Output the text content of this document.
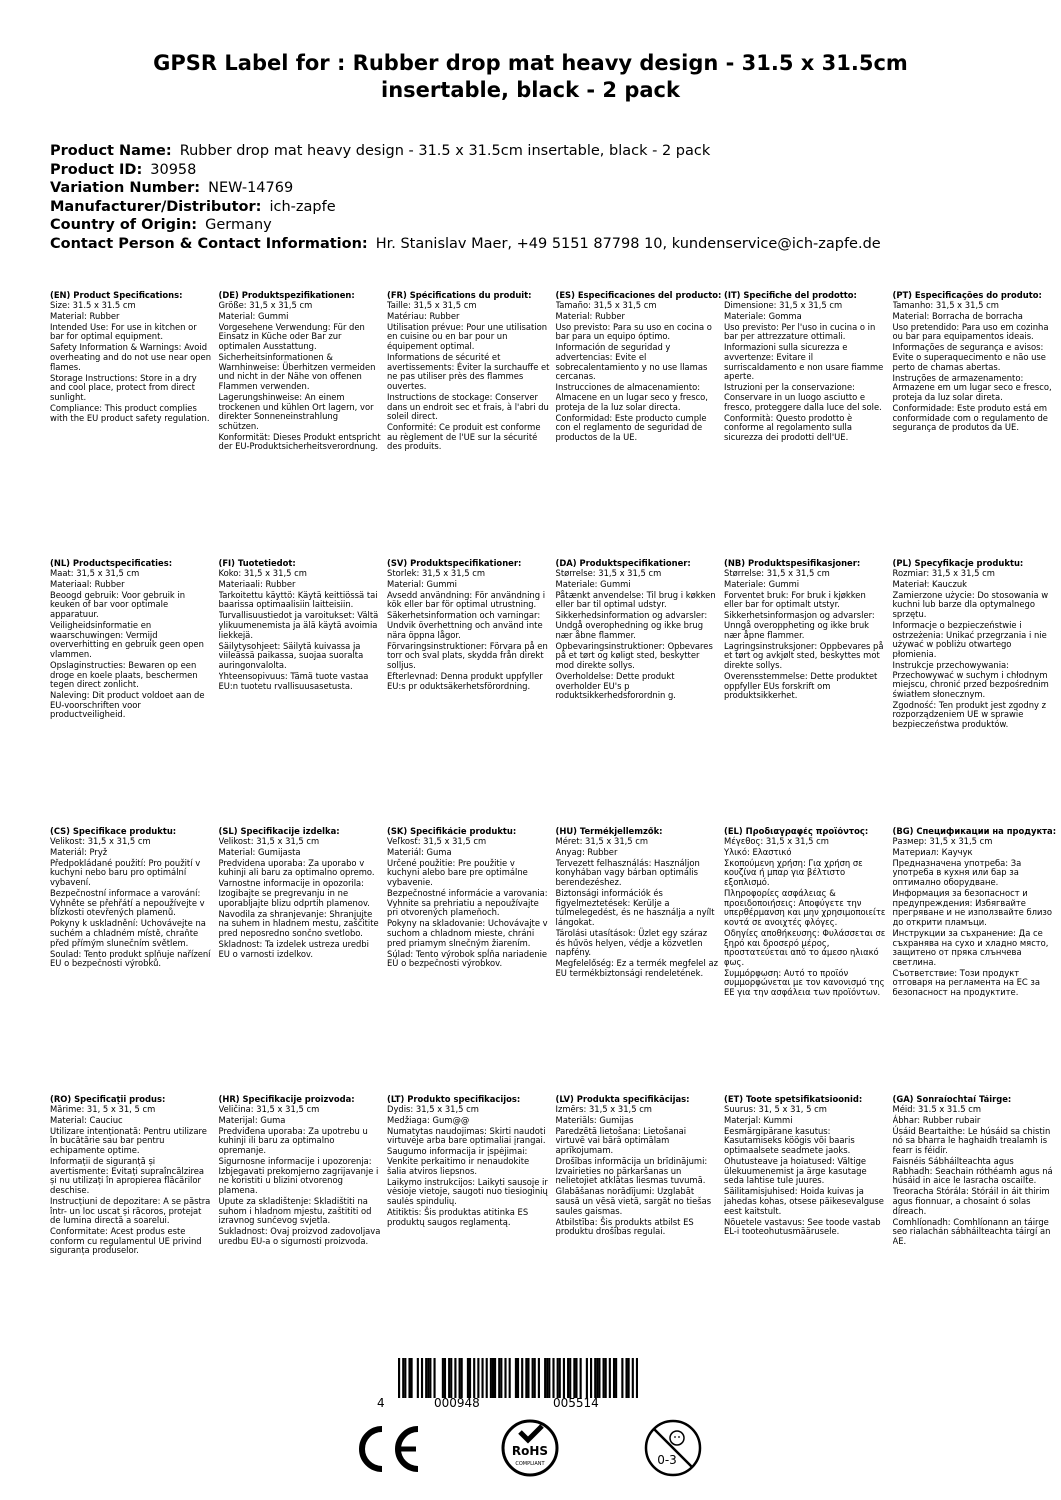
GPSR Label for : Rubber drop mat heavy design - 31.5 x 31.5cm
insertable, black - 2 pack
Product Name: Rubber drop mat heavy design - 31.5 x 31.5cm insertable, black - 2 pack
Product ID: 30958
Variation Number: NEW-14769
Manufacturer/Distributor: ich-zapfe
Country of Origin: Germany
Contact Person & Contact Information: Hr. Stanislav Maer, +49 5151 87798 10, kundenservice@ich-zapfe.de
(EN) Product Specifications:
Size: 31.5 x 31.5 cm
Material: Rubber
Intended Use: For use in kitchen or bar for optimal equipment.
Safety Information & Warnings: Avoid overheating and do not use near open flames.
Storage Instructions: Store in a dry and cool place, protect from direct sunlight.
Compliance: This product complies with the EU product safety regulation.
(DE) Produktspezifikationen:
Größe: 31,5 x 31,5 cm
Material: Gummi
Vorgesehene Verwendung: Für den Einsatz in Küche oder Bar zur optimalen Ausstattung.
Sicherheitsinformationen & Warnhinweise: Überhitzen vermeiden und nicht in der Nähe von offenen Flammen verwenden.
Lagerungshinweise: An einem trockenen und kühlen Ort lagern, vor direkter Sonneneinstrahlung schützen.
Konformität: Dieses Produkt entspricht der EU-Produktsicherheitsverordnung.
(FR) Spécifications du produit:
Taille: 31,5 x 31,5 cm
Matériau: Rubber
Utilisation prévue: Pour une utilisation en cuisine ou en bar pour un équipement optimal.
Informations de sécurité et avertissements: Éviter la surchauffe et ne pas utiliser près des flammes ouvertes.
Instructions de stockage: Conserver dans un endroit sec et frais, à l'abri du soleil direct.
Conformité: Ce produit est conforme au règlement de l'UE sur la sécurité des produits.
(ES) Especificaciones del producto:
Tamaño: 31,5 x 31,5 cm
Material: Rubber
Uso previsto: Para su uso en cocina o bar para un equipo óptimo.
Información de seguridad y advertencias: Evite el sobrecalentamiento y no use llamas cercanas.
Instrucciones de almacenamiento: Almacene en un lugar seco y fresco, proteja de la luz solar directa.
Conformidad: Este producto cumple con el reglamento de seguridad de productos de la UE.
(IT) Specifiche del prodotto:
Dimensione: 31,5 x 31,5 cm
Materiale: Gomma
Uso previsto: Per l'uso in cucina o in bar per attrezzature ottimali.
Informazioni sulla sicurezza e avvertenze: Evitare il surriscaldamento e non usare fiamme aperte.
Istruzioni per la conservazione: Conservare in un luogo asciutto e fresco, proteggere dalla luce del sole.
Conformità: Questo prodotto è conforme al regolamento sulla sicurezza dei prodotti dell'UE.
(PT) Especificações do produto:
Tamanho: 31,5 x 31,5 cm
Material: Borracha de borracha
Uso pretendido: Para uso em cozinha ou bar para equipamentos ideais.
Informações de segurança e avisos: Evite o superaquecimento e não use perto de chamas abertas.
Instruções de armazenamento: Armazene em um lugar seco e fresco, proteja da luz solar direta.
Conformidade: Este produto está em conformidade com o regulamento de segurança de produtos da UE.
(NL) Productspecificaties:
Maat: 31,5 x 31,5 cm
Materiaal: Rubber
Beoogd gebruik: Voor gebruik in keuken of bar voor optimale apparatuur.
Veiligheidsinformatie en waarschuwingen: Vermijd oververhitting en gebruik geen open vlammen.
Opslaginstructies: Bewaren op een droge en koele plaats, beschermen tegen direct zonlicht.
Naleving: Dit product voldoet aan de EU-voorschriften voor productveiligheid.
(FI) Tuotetiedot:
Koko: 31,5 x 31,5 cm
Materiaali: Rubber
Tarkoitettu käyttö: Käytä keittiössä tai baarissa optimaalisiin laitteisiin.
Turvallisuustiedot ja varoitukset: Vältä ylikuumenemista ja älä käytä avoimia liekkejä.
Säilytysohjeet: Säilytä kuivassa ja viileässä paikassa, suojaa suoralta auringonvalolta.
Yhteensopivuus: Tämä tuote vastaa EU:n tuotetu rvallisuusasetusta.
(SV) Produktspecifikationer:
Storlek: 31,5 x 31,5 cm
Material: Gummi
Avsedd användning: För användning i kök eller bar för optimal utrustning.
Säkerhetsinformation och varningar: Undvik överhettning och använd inte nära öppna lågor.
Förvaringsinstruktioner: Förvara på en torr och sval plats, skydda från direkt solljus.
Efterlevnad: Denna produkt uppfyller EU:s pr oduktsäkerhetsförordning.
(DA) Produktspecifikationer:
Størrelse: 31,5 x 31,5 cm
Materiale: Gummi
Påtænkt anvendelse: Til brug i køkken eller bar til optimal udstyr.
Sikkerhedsinformation og advarsler: Undgå overophedning og ikke brug nær åbne flammer.
Opbevaringsinstruktioner: Opbevares på et tørt og køligt sted, beskytter mod direkte sollys.
Overholdelse: Dette produkt overholder EU's p roduktsikkerhedsforordnin g.
(NB) Produktspesifikasjoner:
Størrelse: 31,5 x 31,5 cm
Materiale: Gummi
Forventet bruk: For bruk i kjøkken eller bar for optimalt utstyr.
Sikkerhetsinformasjon og advarsler: Unngå overoppheting og ikke bruk nær åpne flammer.
Lagringsinstruksjoner: Oppbevares på et tørt og avkjølt sted, beskyttes mot direkte sollys.
Overensstemmelse: Dette produktet oppfyller EUs forskrift om produktsikkerhet.
(PL) Specyfikacje produktu:
Rozmiar: 31,5 x 31,5 cm
Materiał: Kauczuk
Zamierzone użycie: Do stosowania w kuchni lub barze dla optymalnego sprzętu.
Informacje o bezpieczeństwie i ostrzeżenia: Unikać przegrzania i nie używać w pobliżu otwartego płomienia.
Instrukcje przechowywania: Przechowywać w suchym i chłodnym miejscu, chronić przed bezpośrednim światłem słonecznym.
Zgodność: Ten produkt jest zgodny z rozporządzeniem UE w sprawie bezpieczeństwa produktów.
(CS) Specifikace produktu:
Velikost: 31,5 x 31,5 cm
Materiál: Pryž
Předpokládané použití: Pro použití v kuchyni nebo baru pro optimální vybavení.
Bezpečnostní informace a varování: Vyhněte se přehřátí a nepoužívejte v blízkosti otevřených plamenů.
Pokyny k uskladnění: Uchovávejte na suchém a chladném místě, chraňte před přímým slunečním světlem.
Soulad: Tento produkt splňuje nařízení EU o bezpečnosti výrobků.
(SL) Specifikacije izdelka:
Velikost: 31,5 x 31,5 cm
Material: Gumijasta
Predvidena uporaba: Za uporabo v kuhinji ali baru za optimalno opremo.
Varnostne informacije in opozorila: Izogibajte se pregrevanju in ne uporabljajte blizu odprtih plamenov.
Navodila za shranjevanje: Shranjujte na suhem in hladnem mestu, zaščitite pred neposredno sončno svetlobo.
Skladnost: Ta izdelek ustreza uredbi EU o varnosti izdelkov.
(SK) Špecifikácie produktu:
Veľkosť: 31,5 x 31,5 cm
Materiál: Guma
Určené použitie: Pre použitie v kuchyni alebo bare pre optimálne vybavenie.
Bezpečnostné informácie a varovania: Vyhnite sa prehriatiu a nepoužívajte pri otvorených plameňoch.
Pokyny na skladovanie: Uchovávajte v suchom a chladnom mieste, chráni pred priamym slnečným žiarením.
Súlad: Tento výrobok spĺňa nariadenie EÚ o bezpečnosti výrobkov.
(HU) Termékjellemzők:
Méret: 31,5 x 31,5 cm
Anyag: Rubber
Tervezett felhasználás: Használjon konyhában vagy bárban optimális berendezéshez.
Biztonsági információk és figyelmeztetések: Kerülje a túlmelegedést, és ne használja a nyílt lángokat.
Tárolási utasítások: Üzlet egy száraz és hűvös helyen, védje a közvetlen napfény.
Megfelelőség: Ez a termék megfelel az EU termékbiztonsági rendeletének.
(EL) Προδιαγραφές προϊόντος:
Μέγεθος: 31,5 x 31,5 cm
Υλικό: Ελαστικό
Σκοπούμενη χρήση: Για χρήση σε κουζίνα ή μπαρ για βέλτιστο εξοπλισμό.
Πληροφορίες ασφάλειας & προειδοποιήσεις: Αποφύγετε την υπερθέρμανση και μην χρησιμοποιείτε κοντά σε ανοιχτές φλόγες.
Οδηγίες αποθήκευσης: Φυλάσσεται σε ξηρό και δροσερό μέρος, προστατεύεται από το άμεσο ηλιακό φως.
Συμμόρφωση: Αυτό το προϊόν συμμορφώνεται με τον κανονισμό της ΕΕ για την ασφάλεια των προϊόντων.
(BG) Спецификации на продукта:
Размер: 31,5 x 31,5 cm
Материал: Каучук
Предназначена употреба: За употреба в кухня или бар за оптимално оборудване.
Информация за безопасност и предупреждения: Избягвайте прегряване и не използвайте близо до открити пламъци.
Инструкции за съхранение: Да се съхранява на сухо и хладно място, защитено от пряка слънчева светлина.
Съответствие: Този продукт отговаря на регламента на ЕС за безопасност на продуктите.
(RO) Specificații produs:
Mărime: 31, 5 x 31, 5 cm
Material: Cauciuc
Utilizare intenționată: Pentru utilizare în bucătărie sau bar pentru echipamente optime.
Informații de siguranță și avertismente: Evitați supraîncălzirea și nu utilizați în apropierea flăcărilor deschise.
Instrucțiuni de depozitare: A se păstra într- un loc uscat și răcoros, protejat de lumina directă a soarelui.
Conformitate: Acest produs este conform cu regulamentul UE privind siguranța produselor.
(HR) Specifikacije proizvoda:
Veličina: 31,5 x 31,5 cm
Materijal: Guma
Predviđena uporaba: Za upotrebu u kuhinji ili baru za optimalno opremanje.
Sigurnosne informacije i upozorenja: Izbjegavati prekomjerno zagrijavanje i ne koristiti u blizini otvorenog plamena.
Upute za skladištenje: Skladištiti na suhom i hladnom mjestu, zaštititi od izravnog sunčevog svjetla.
Sukladnost: Ovaj proizvod zadovoljava uredbu EU-a o sigurnosti proizvoda.
(LT) Produkto specifikacijos:
Dydis: 31,5 x 31,5 cm
Medžiaga: Gum@@
Numatytas naudojimas: Skirti naudoti virtuvėje arba bare optimaliai įrangai.
Saugumo informacija ir įspėjimai: Venkite perkaitimo ir nenaudokite šalia atviros liepsnos.
Laikymo instrukcijos: Laikyti sausoje ir vėsioje vietoje, saugoti nuo tiesioginių saulės spindulių.
Atitiktis: Šis produktas atitinka ES produktų saugos reglamentą.
(LV) Produkta specifikācijas:
Izmērs: 31,5 x 31,5 cm
Materiāls: Gumijas
Paredzētā lietošana: Lietošanai virtuvē vai bārā optimālam aprīkojumam.
Drošības informācija un brīdinājumi: Izvairieties no pārkaršanas un nelietojiet atklātas liesmas tuvumā.
Glabāšanas norādījumi: Uzglabāt sausā un vēsā vietā, sargāt no tiešas saules gaismas.
Atbilstība: Šis produkts atbilst ES produktu drošības regulai.
(ET) Toote spetsifikatsioonid:
Suurus: 31, 5 x 31, 5 cm
Materjal: Kummi
Eesmärgipärane kasutus: Kasutamiseks köögis või baaris optimaalsete seadmete jaoks.
Ohutusteave ja hoiatused: Vältige ülekuumenemist ja ärge kasutage seda lahtise tule juures.
Säilitamisjuhised: Hoida kuivas ja jahedas kohas, otsese päikesevalguse eest kaitstult.
Nõuetele vastavus: See toode vastab EL-i tooteohutusmäärusele.
(GA) Sonraíochtaí Táirge:
Méid: 31.5 x 31.5 cm
Ábhar: Rubber rubair
Úsáid Beartaithe: Le húsáid sa chistin nó sa bharra le haghaidh trealamh is fearr is féidir.
Faisnéis Sábháilteachta agus Rabhadh: Seachain róthéamh agus ná húsáid in aice le lasracha oscailte.
Treoracha Stórála: Stóráil in áit thirim agus fionnuar, a chosaint ó solas díreach.
Comhlíonadh: Comhlíonann an táirge seo rialachán sábháilteachta táirgí an AE.
4	000948	005514
RoHS
COMPLIANT	0-3
